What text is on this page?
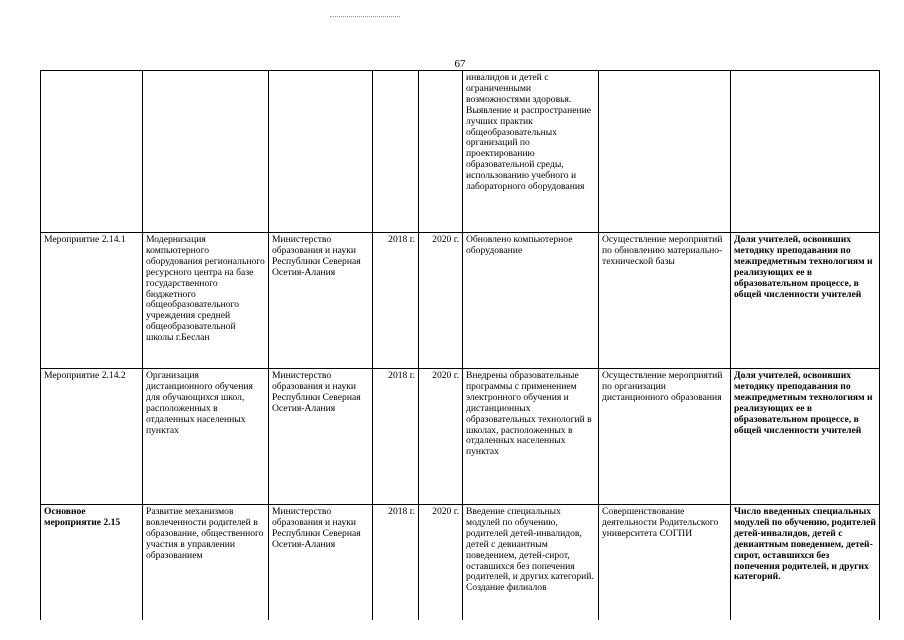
67
					инвалидов и детей с ограниченными возможностями здоровья. Выявление и распространение лучших практик общеобразовательных организаций по проектированию образовательной среды, использованию учебного и лабораторного оборудования		
Мероприятие 2.14.1	Модернизация компьютерного оборудования регионального ресурсного центра на базе государственного бюджетного общеобразовательного учреждения средней общеобразовательной школы г.Беслан	Министерство образования и науки Республики Северная Осетия-Алания	2018 г.	2020 г.	Обновлено компьютерное оборудование	Осуществление мероприятий по обновлению материально-технической базы	Доля учителей, освоивших методику преподавания по межпредметным технологиям и реализующих ее в образовательном процессе, в общей численности учителей
Мероприятие 2.14.2	Организация дистанционного обучения для обучающихся школ, расположенных в отдаленных населенных пунктах	Министерство образования и науки Республики Северная Осетия-Алания	2018 г.	2020 г.	Внедрены образовательные программы с применением электронного обучения и дистанционных образовательных технологий в школах, расположенных в отдаленных населенных пунктах	Осуществление мероприятий по организации дистанционного образования	Доля учителей, освоивших методику преподавания по межпредметным технологиям и реализующих ее в образовательном процессе, в общей численности учителей
Основное мероприятие 2.15	Развитие механизмов вовлеченности родителей в образование, общественного участия в управлении образованием	Министерство образования и науки Республики Северная Осетия-Алания	2018 г.	2020 г.	Введение специальных модулей по обучению, родителей детей-инвалидов, детей с девиантным поведением, детей-сирот, оставшихся без попечения родителей, и других категорий. Создание филиалов	Совершенствование деятельности Родительского университета СОГПИ	Число введенных специальных модулей по обучению, родителей детей-инвалидов, детей с девиантным поведением, детей-сирот, оставшихся без попечения родителей, и других категорий.
